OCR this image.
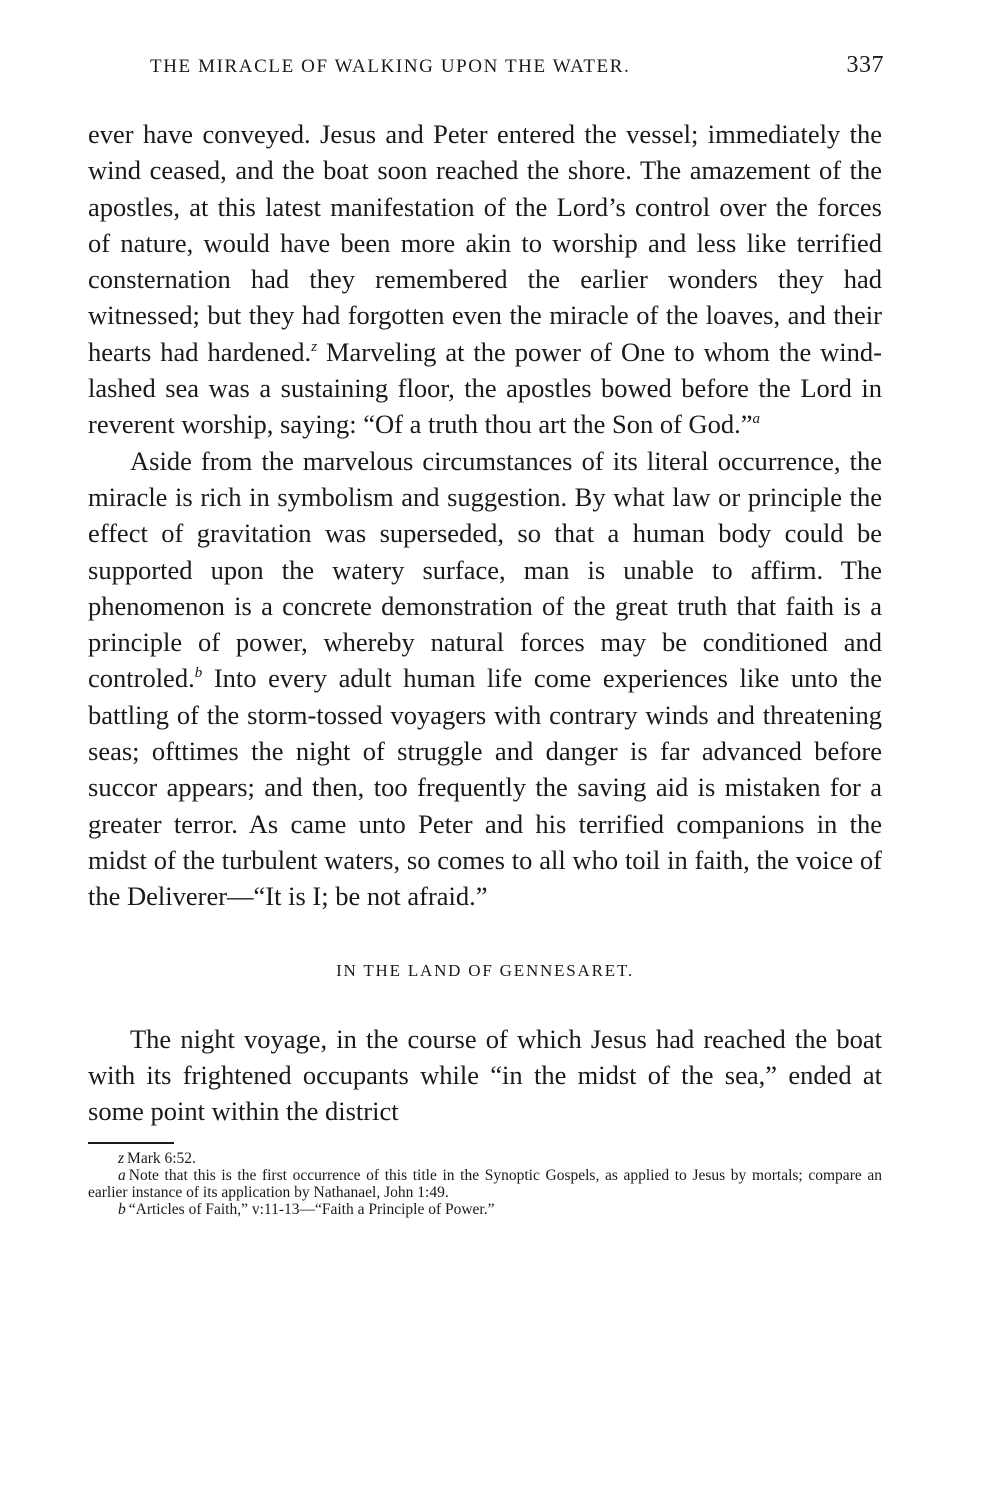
THE MIRACLE OF WALKING UPON THE WATER.	337

ever have conveyed. Jesus and Peter entered the vessel; immediately the wind ceased, and the boat soon reached the shore. The amazement of the apostles, at this latest manifestation of the Lord’s control over the forces of nature, would have been more akin to worship and less like terrified consternation had they remembered the earlier wonders they had witnessed; but they had forgotten even the miracle of the loaves, and their hearts had hardened.$^z$ Marveling at the power of One to whom the wind-lashed sea was a sustaining floor, the apostles bowed before the Lord in reverent worship, saying: “Of a truth thou art the Son of God.”$^a$

Aside from the marvelous circumstances of its literal occurrence, the miracle is rich in symbolism and suggestion. By what law or principle the effect of gravitation was superseded, so that a human body could be supported upon the watery surface, man is unable to affirm. The phenomenon is a concrete demonstration of the great truth that faith is a principle of power, whereby natural forces may be conditioned and controled.$^b$ Into every adult human life come experiences like unto the battling of the storm-tossed voyagers with contrary winds and threatening seas; ofttimes the night of struggle and danger is far advanced before succor appears; and then, too frequently the saving aid is mistaken for a greater terror. As came unto Peter and his terrified companions in the midst of the turbulent waters, so comes to all who toil in faith, the voice of the Deliverer—“It is I; be not afraid.”

IN THE LAND OF GENNESARET.

The night voyage, in the course of which Jesus had reached the boat with its frightened occupants while “in the midst of the sea,” ended at some point within the district

z Mark 6:52.

a Note that this is the first occurrence of this title in the Synoptic Gospels, as applied to Jesus by mortals; compare an earlier instance of its application by Nathanael, John 1:49.

b “Articles of Faith,” v:11-13—“Faith a Principle of Power.”
